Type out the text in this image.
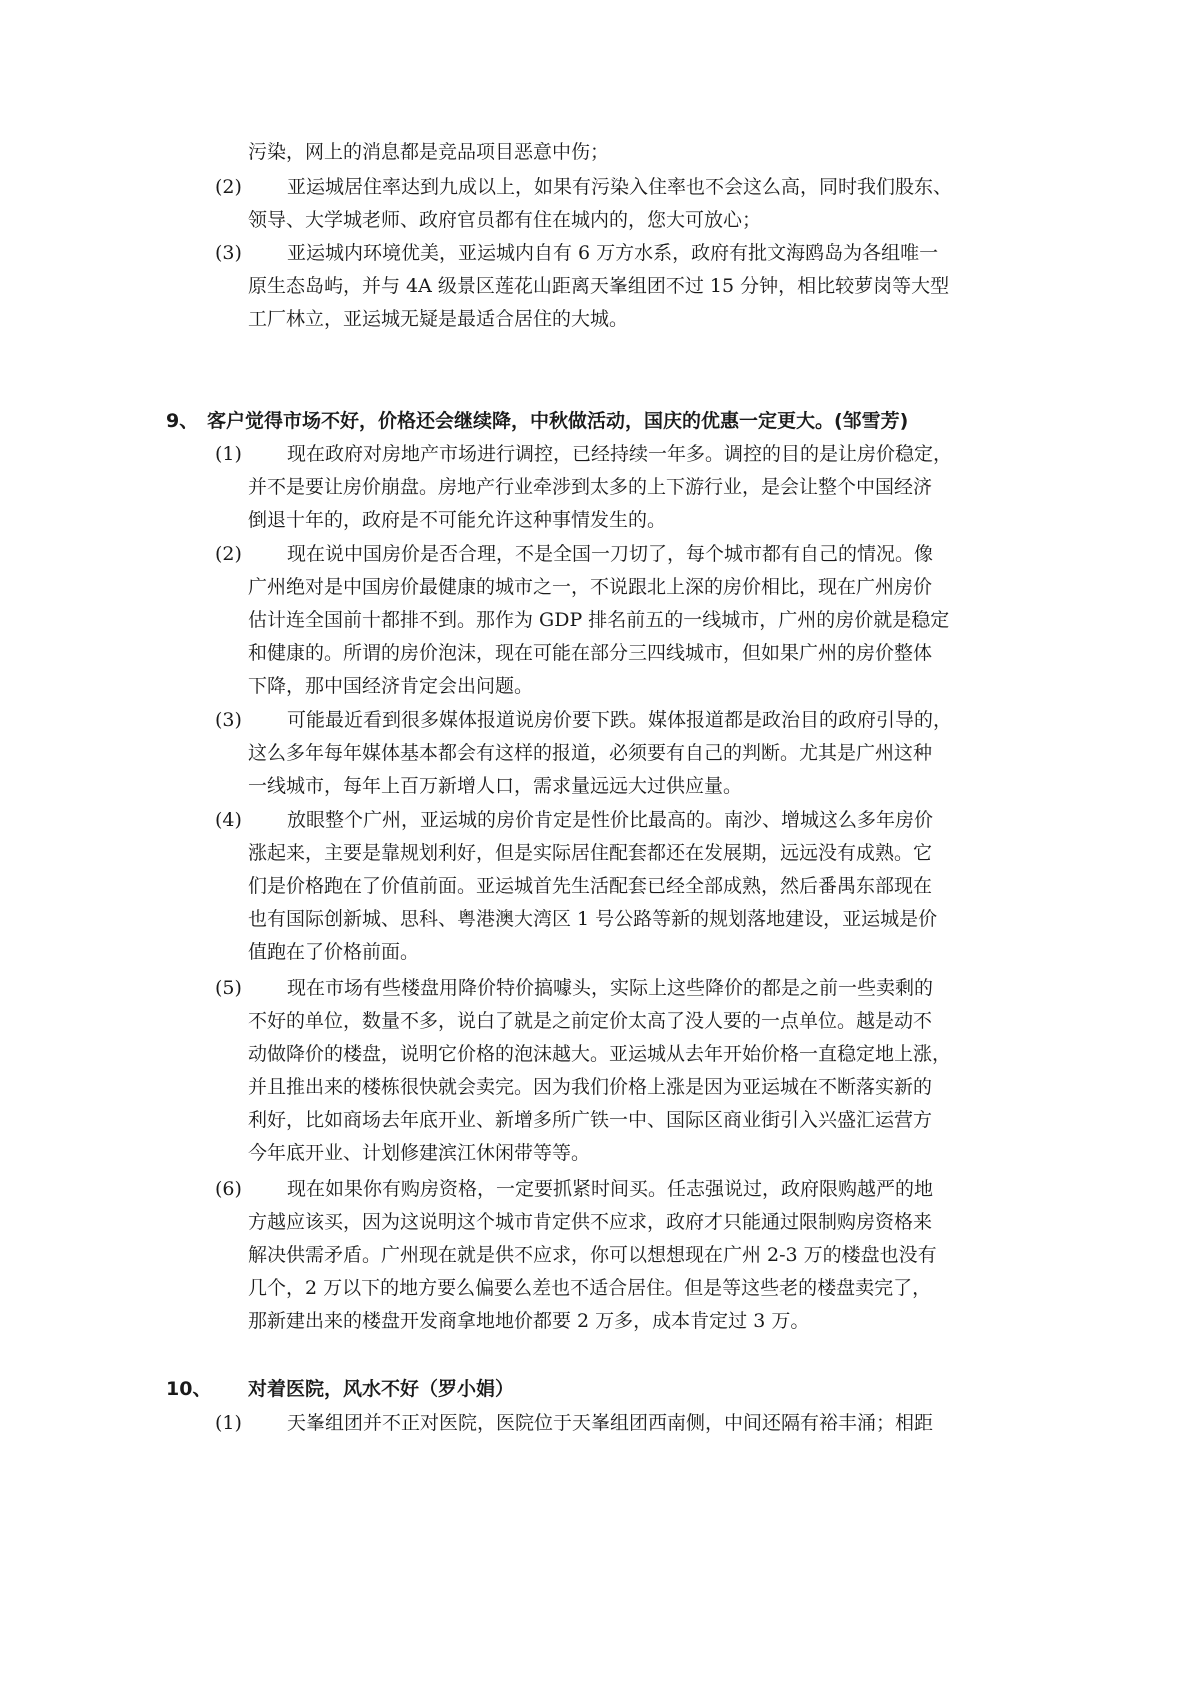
污染，网上的消息都是竞品项目恶意中伤；
(2) 亚运城居住率达到九成以上，如果有污染入住率也不会这么高，同时我们股东、
领导、大学城老师、政府官员都有住在城内的，您大可放心；
(3) 亚运城内环境优美，亚运城内自有 6 万方水系，政府有批文海鸥岛为各组唯一
原生态岛屿，并与 4A 级景区莲花山距离天峯组团不过 15 分钟，相比较萝岗等大型
工厂林立，亚运城无疑是最适合居住的大城。
9、 客户觉得市场不好，价格还会继续降，中秋做活动，国庆的优惠一定更大。(邹雪芳)
(1) 现在政府对房地产市场进行调控，已经持续一年多。调控的目的是让房价稳定，
并不是要让房价崩盘。房地产行业牵涉到太多的上下游行业，是会让整个中国经济
倒退十年的，政府是不可能允许这种事情发生的。
(2) 现在说中国房价是否合理，不是全国一刀切了，每个城市都有自己的情况。像
广州绝对是中国房价最健康的城市之一，不说跟北上深的房价相比，现在广州房价
估计连全国前十都排不到。那作为 GDP 排名前五的一线城市，广州的房价就是稳定
和健康的。所谓的房价泡沫，现在可能在部分三四线城市，但如果广州的房价整体
下降，那中国经济肯定会出问题。
(3) 可能最近看到很多媒体报道说房价要下跌。媒体报道都是政治目的政府引导的，
这么多年每年媒体基本都会有这样的报道，必须要有自己的判断。尤其是广州这种
一线城市，每年上百万新增人口，需求量远远大过供应量。
(4) 放眼整个广州，亚运城的房价肯定是性价比最高的。南沙、增城这么多年房价
涨起来，主要是靠规划利好，但是实际居住配套都还在发展期，远远没有成熟。它
们是价格跑在了价值前面。亚运城首先生活配套已经全部成熟，然后番禺东部现在
也有国际创新城、思科、粤港澳大湾区 1 号公路等新的规划落地建设，亚运城是价
值跑在了价格前面。
(5) 现在市场有些楼盘用降价特价搞噱头，实际上这些降价的都是之前一些卖剩的
不好的单位，数量不多，说白了就是之前定价太高了没人要的一点单位。越是动不
动做降价的楼盘，说明它价格的泡沫越大。亚运城从去年开始价格一直稳定地上涨，
并且推出来的楼栋很快就会卖完。因为我们价格上涨是因为亚运城在不断落实新的
利好，比如商场去年底开业、新增多所广铁一中、国际区商业街引入兴盛汇运营方
今年底开业、计划修建滨江休闲带等等。
(6) 现在如果你有购房资格，一定要抓紧时间买。任志强说过，政府限购越严的地
方越应该买，因为这说明这个城市肯定供不应求，政府才只能通过限制购房资格来
解决供需矛盾。广州现在就是供不应求，你可以想想现在广州 2-3 万的楼盘也没有
几个，2 万以下的地方要么偏要么差也不适合居住。但是等这些老的楼盘卖完了，
那新建出来的楼盘开发商拿地地价都要 2 万多，成本肯定过 3 万。
10、 对着医院，风水不好（罗小娟）
(1) 天峯组团并不正对医院，医院位于天峯组团西南侧，中间还隔有裕丰涌；相距
